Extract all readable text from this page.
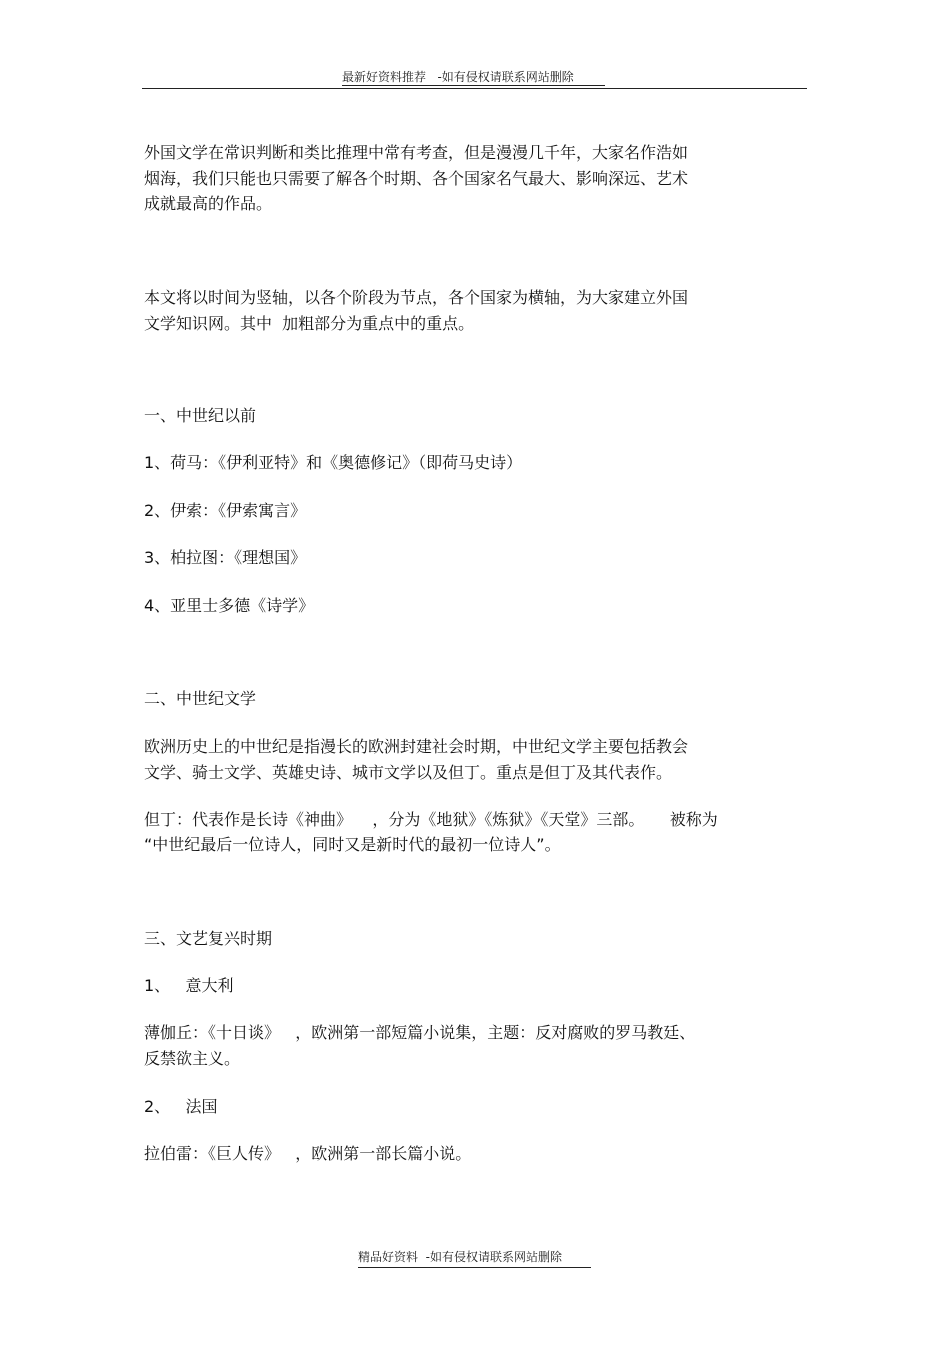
最新好资料推荐   -如有侵权请联系网站删除
外国文学在常识判断和类比推理中常有考查，但是漫漫几千年，大家名作浩如
烟海，我们只能也只需要了解各个时期、各个国家名气最大、影响深远、艺术
成就最高的作品。
本文将以时间为竖轴，以各个阶段为节点，各个国家为横轴，为大家建立外国
文学知识网。其中  加粗部分为重点中的重点。
一、中世纪以前
1、荷马：《伊利亚特》和《奥德修记》（即荷马史诗）
2、伊索：《伊索寓言》
3、柏拉图：《理想国》
4、亚里士多德《诗学》
二、中世纪文学
欧洲历史上的中世纪是指漫长的欧洲封建社会时期，中世纪文学主要包括教会
文学、骑士文学、英雄史诗、城市文学以及但丁。重点是但丁及其代表作。
但丁：代表作是长诗《神曲》    ，分为《地狱》《炼狱》《天堂》三部。     被称为
“中世纪最后一位诗人，同时又是新时代的最初一位诗人”。
三、文艺复兴时期
1、   意大利
薄伽丘：《十日谈》   ，欧洲第一部短篇小说集，主题：反对腐败的罗马教廷、
反禁欲主义。
2、   法国
拉伯雷：《巨人传》   ，欧洲第一部长篇小说。
精品好资料  -如有侵权请联系网站删除
